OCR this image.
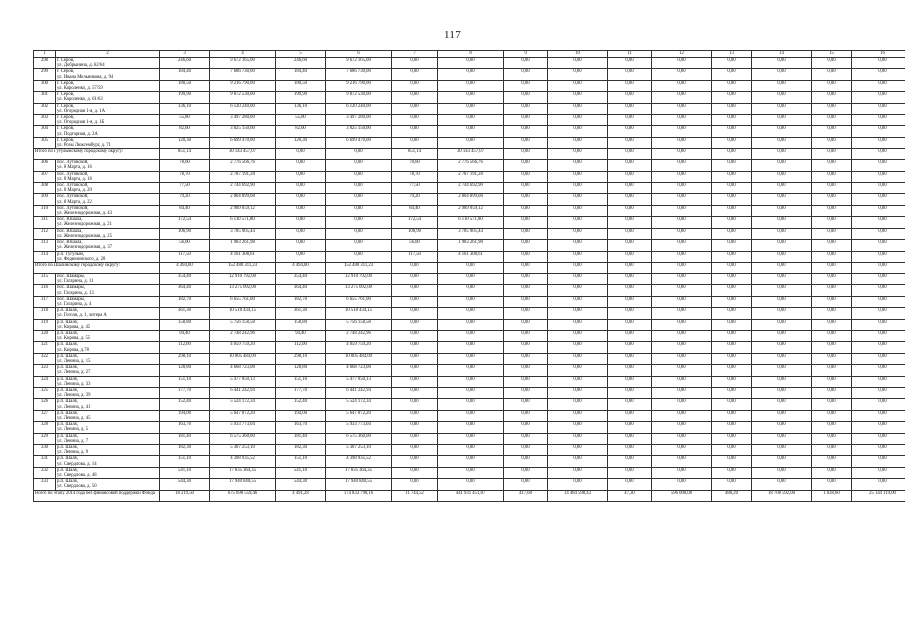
117
1	2	3	4	5	6	7	8	9	10	11	12	13	14	15	16
298	г. Серов,
ул. Добрынина, д. 62/64	246,60	9 672 165,00	246,60	9 672 165,00	0,00	0,00	0,00	0,00	0,00	0,00	0,00	0,00	0,00	0,00
299	г. Серов,
ул. Ивана Мельникова, д. 94	184,40	7 686 730,00	184,40	7 686 730,00	0,00	0,00	0,00	0,00	0,00	0,00	0,00	0,00	0,00	0,00
300	г. Серов,
ул. Короленко, д. 57/59	180,50	9 216 790,00	180,50	9 216 790,00	0,00	0,00	0,00	0,00	0,00	0,00	0,00	0,00	0,00	0,00
301	г. Серов,
ул. Короленко, д. 61/63	199,90	9 872 530,00	199,90	9 872 530,00	0,00	0,00	0,00	0,00	0,00	0,00	0,00	0,00	0,00	0,00
302	г. Серов,
ул. Огородная 1-я, д. 1А	136,10	6 120 240,00	136,10	6 120 240,00	0,00	0,00	0,00	0,00	0,00	0,00	0,00	0,00	0,00	0,00
303	г. Серов,
ул. Огородная 1-я, д. 1Б	55,80	3 497 280,00	55,80	3 497 280,00	0,00	0,00	0,00	0,00	0,00	0,00	0,00	0,00	0,00	0,00
304	г. Серов,
ул. Подгорная, д. 2А	82,60	3 825 150,00	82,60	3 825 150,00	0,00	0,00	0,00	0,00	0,00	0,00	0,00	0,00	0,00	0,00
305	г. Серов,
ул. Розы Люксембург, д. 71	120,30	6 699 470,00	120,30	6 699 470,00	0,00	0,00	0,00	0,00	0,00	0,00	0,00	0,00	0,00	0,00
Итого по Гутулымскому городскому округу:		851,14	30 143 457,07	0,00	0,00	851,14	30 143 457,07	0,00	0,00	0,00	0,00	0,00	0,00	0,00	0,00
306	пос. Лутовской,
ул. 8 Марта, д. 16	78,60	2 776 566,76	0,00	0,00	78,60	2 776 566,76	0,00	0,00	0,00	0,00	0,00	0,00	0,00	0,00
307	пос. Лутовской,
ул. 8 Марта, д. 18	78,70	2 787 191,28	0,00	0,00	78,70	2 787 191,28	0,00	0,00	0,00	0,00	0,00	0,00	0,00	0,00
308	пос. Лутовской,
ул. 8 Марта, д. 20	77,50	2 744 692,90	0,00	0,00	77,50	2 744 692,90	0,00	0,00	0,00	0,00	0,00	0,00	0,00	0,00
309	пос. Лутовской,
ул. 8 Марта, д. 22	79,20	2 804 899,08	0,00	0,00	79,20	2 804 899,08	0,00	0,00	0,00	0,00	0,00	0,00	0,00	0,00
310	пос. Лутовской,
ул. Железнодорожная, д. 43	84,40	2 989 059,12	0,00	0,00	84,40	2 989 059,12	0,00	0,00	0,00	0,00	0,00	0,00	0,00	0,00
311	пос. Юшала,
ул. Железнодорожная, д. 21	172,54	6 110 571,80	0,00	0,00	172,54	6 110 571,80	0,00	0,00	0,00	0,00	0,00	0,00	0,00	0,00
312	пос. Юшала,
ул. Железнодорожная, д. 25	106,90	3 785 905,44	0,00	0,00	106,90	3 785 905,44	0,00	0,00	0,00	0,00	0,00	0,00	0,00	0,00
313	пос. Юшала,
ул. Железнодорожная, д. 37	56,00	1 983 261,98	0,00	0,00	56,00	1 983 261,98	0,00	0,00	0,00	0,00	0,00	0,00	0,00	0,00
314	р.п. Тугулым,
ул. Федюнинского, д. 28	117,50	4 161 308,61	0,00	0,00	117,50	4 161 308,61	0,00	0,00	0,00	0,00	0,00	0,00	0,00	0,00
Итого по Шалинскому городскому округу:		4 494,00	152 480 311,23	4 494,00	152 480 311,23	0,00	0,00	0,00	0,00	0,00	0,00	0,00	0,00	0,00	0,00
315	пос. Шамары,
ул. Гагарина, д. 11	354,40	12 910 792,00	354,40	12 910 792,00	0,00	0,00	0,00	0,00	0,00	0,00	0,00	0,00	0,00	0,00
316	пос. Шамары,
ул. Гагарина, д. 13	364,40	13 275 092,00	364,40	13 275 092,00	0,00	0,00	0,00	0,00	0,00	0,00	0,00	0,00	0,00	0,00
317	пос. Шамары,
ул. Гагарина, д. 4	182,70	6 655 761,00	182,70	6 655 761,00	0,00	0,00	0,00	0,00	0,00	0,00	0,00	0,00	0,00	0,00
318	р.п. Шаля,
ул. Гоголя, д. 1, литера А	361,30	10 518 434,15	361,30	10 518 434,15	0,00	0,00	0,00	0,00	0,00	0,00	0,00	0,00	0,00	0,00
319	р.п. Шаля,
ул. Кирова, д. 45	158,80	5 756 158,58	158,80	5 756 158,58	0,00	0,00	0,00	0,00	0,00	0,00	0,00	0,00	0,00	0,00
320	р.п. Шаля,
ул. Кирова, д. 55	94,40	2 748 242,96	94,40	2 748 242,96	0,00	0,00	0,00	0,00	0,00	0,00	0,00	0,00	0,00	0,00
321	р.п. Шаля,
ул. Кирова, д.78	112,00	4 059 759,20	112,00	4 059 759,20	0,00	0,00	0,00	0,00	0,00	0,00	0,00	0,00	0,00	0,00
322	р.п. Шаля,
ул. Ленина, д. 15	298,10	10 805 484,09	298,10	10 805 484,09	0,00	0,00	0,00	0,00	0,00	0,00	0,00	0,00	0,00	0,00
323	р.п. Шаля,
ул. Ленина, д. 27	128,80	4 668 723,08	128,80	4 668 723,08	0,00	0,00	0,00	0,00	0,00	0,00	0,00	0,00	0,00	0,00
324	р.п. Шаля,
ул. Ленина, д. 33	151,10	5 477 050,13	151,10	5 477 050,13	0,00	0,00	0,00	0,00	0,00	0,00	0,00	0,00	0,00	0,00
325	р.п. Шаля,
ул. Ленина, д. 39	177,70	6 441 242,94	177,70	6 441 242,94	0,00	0,00	0,00	0,00	0,00	0,00	0,00	0,00	0,00	0,00
326	р.п. Шаля,
ул. Ленина, д. 41	152,40	5 524 172,34	152,40	5 524 172,34	0,00	0,00	0,00	0,00	0,00	0,00	0,00	0,00	0,00	0,00
327	р.п. Шаля,
ул. Ленина, д. 45	194,00	5 647 872,20	194,00	5 647 872,20	0,00	0,00	0,00	0,00	0,00	0,00	0,00	0,00	0,00	0,00
328	р.п. Шаля,
ул. Ленина, д. 5	163,70	5 933 773,04	163,70	5 933 773,04	0,00	0,00	0,00	0,00	0,00	0,00	0,00	0,00	0,00	0,00
329	р.п. Шаля,
ул. Ленина, д. 7	181,40	6 575 360,00	181,40	6 575 360,00	0,00	0,00	0,00	0,00	0,00	0,00	0,00	0,00	0,00	0,00
330	р.п. Шаля,
ул. Ленина, д. 9	182,30	5 307 253,10	182,30	5 307 253,10	0,00	0,00	0,00	0,00	0,00	0,00	0,00	0,00	0,00	0,00
331	р.п. Шаля,
ул. Свердлова, д. 14	151,10	4 398 935,52	151,10	4 398 935,52	0,00	0,00	0,00	0,00	0,00	0,00	0,00	0,00	0,00	0,00
332	р.п. Шаля,
ул. Свердлова, д. 48	541,10	17 835 364,35	541,10	17 835 364,35	0,00	0,00	0,00	0,00	0,00	0,00	0,00	0,00	0,00	0,00
333	р.п. Шаля,
ул. Свердлова, д. 50	544,30	17 940 840,55	544,30	17 940 840,55	0,00	0,00	0,00	0,00	0,00	0,00	0,00	0,00	0,00	0,00
Всего по этапу 2014 года без финансовой поддержки Фонда		18 219,50	675 698 559,46	4 491,28	174 833 798,16	11 744,52	441 931 451,87	417,60	14 484 598,43	47,30	596 000,00	480,20	18 708 592,00	1 038,60	25 144 119,00
